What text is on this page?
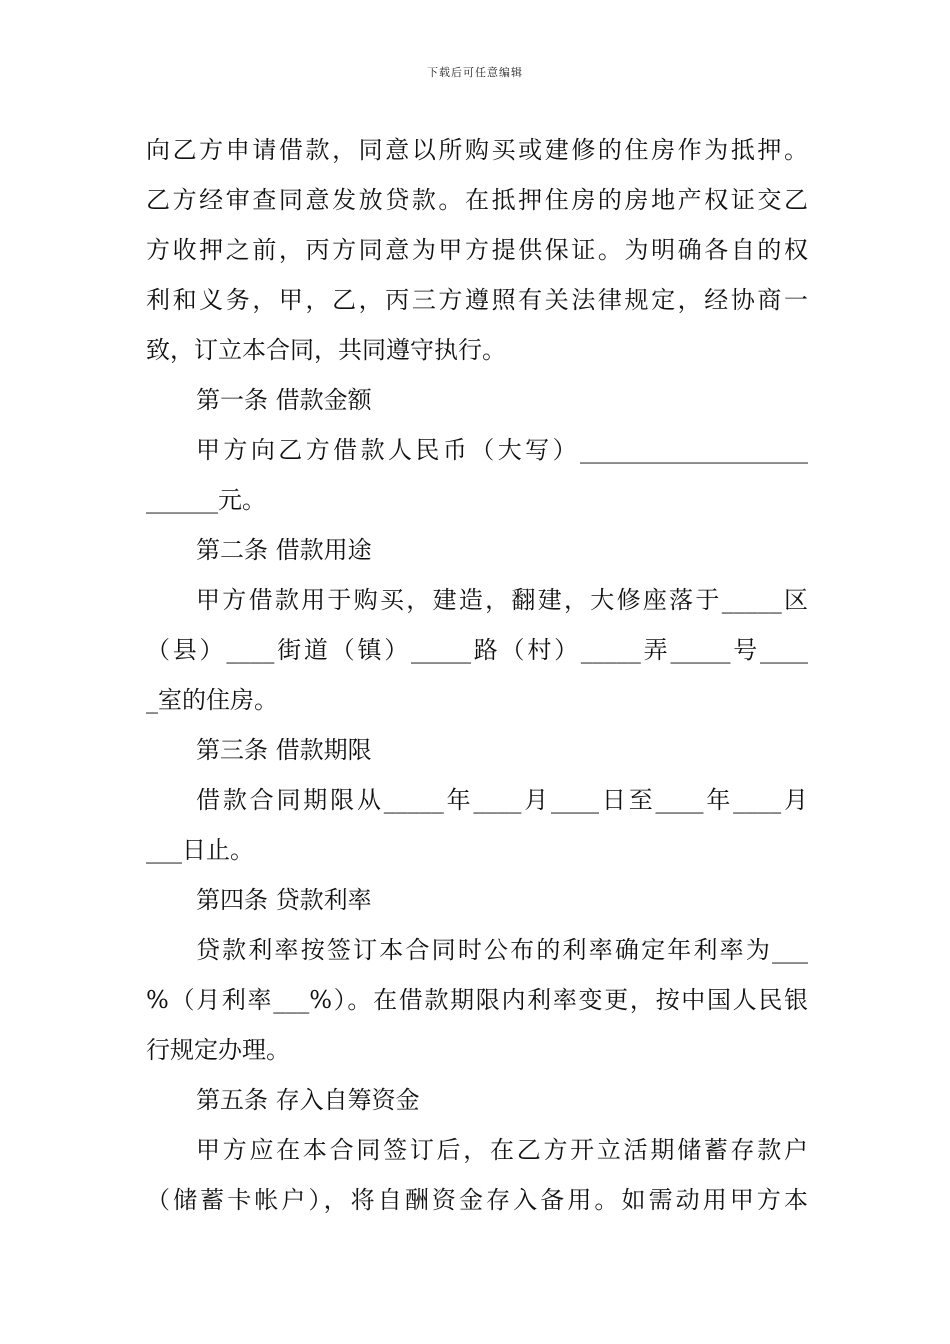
下载后可任意编辑
向乙方申请借款，同意以所购买或建修的住房作为抵押。
乙方经审查同意发放贷款。在抵押住房的房地产权证交乙
方收押之前，丙方同意为甲方提供保证。为明确各自的权
利和义务，甲，乙，丙三方遵照有关法律规定，经协商一
致，订立本合同，共同遵守执行。
第一条 借款金额
甲方向乙方借款人民币（大写）___________________
______元。
第二条 借款用途
甲方借款用于购买，建造，翻建，大修座落于_____区
（县）____街道（镇）_____路（村）_____弄_____号____
_室的住房。
第三条 借款期限
借款合同期限从_____年____月____日至____年____月
___日止。
第四条 贷款利率
贷款利率按签订本合同时公布的利率确定年利率为___
%（月利率___%）。在借款期限内利率变更，按中国人民银
行规定办理。
第五条 存入自筹资金
甲方应在本合同签订后，在乙方开立活期储蓄存款户
（储蓄卡帐户），将自酬资金存入备用。如需动用甲方本
